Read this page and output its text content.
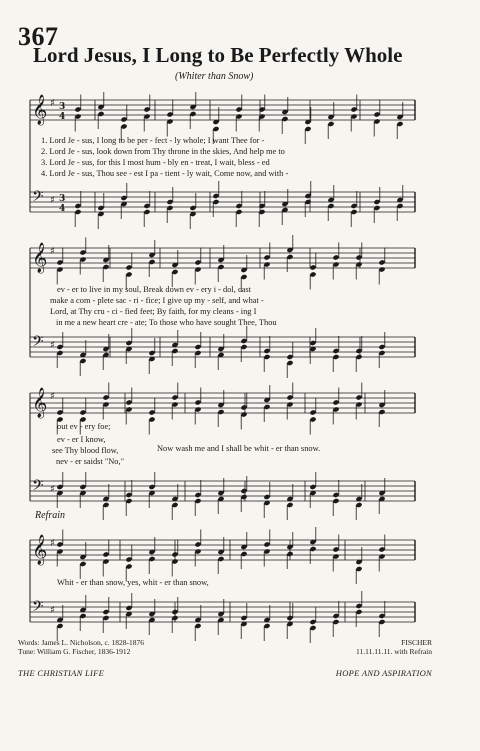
367
Lord Jesus, I Long to Be Perfectly Whole
(Whiter than Snow)
𝄞 ♯ 3
4
𝄢 ♯ 3
4
𝄞 ♯
𝄢 ♯
𝄞 ♯
𝄢 ♯
𝄞 ♯
𝄢 ♯
1. Lord Je - sus, I long to be per - fect - ly whole; I want Thee for -
2. Lord Je - sus, look down from Thy throne in the skies, And help me to
3. Lord Je - sus, for this I most hum - bly en - treat, I wait, bless - ed
4. Lord Je - sus, Thou see - est I pa - tient - ly wait, Come now, and with -
ev - er to live in my soul, Break down ev - ery i - dol, cast
make a com - plete sac - ri - fice; I give up my - self, and what -
Lord, at Thy cru - ci - fied feet; By faith, for my cleans - ing I
in me a new heart cre - ate; To those who have sought Thee, Thou
out ev - ery foe;
ev - er I know,
see Thy blood flow,
nev - er saidst "No,"
Now wash me and I shall be whit - er than snow.
Refrain
Whit - er than snow, yes, whit - er than snow,
Words: James L. Nicholson, c. 1828-1876
Tune: William G. Fischer, 1836-1912
FISCHER
11.11.11.11. with Refrain
THE CHRISTIAN LIFE	HOPE AND ASPIRATION
